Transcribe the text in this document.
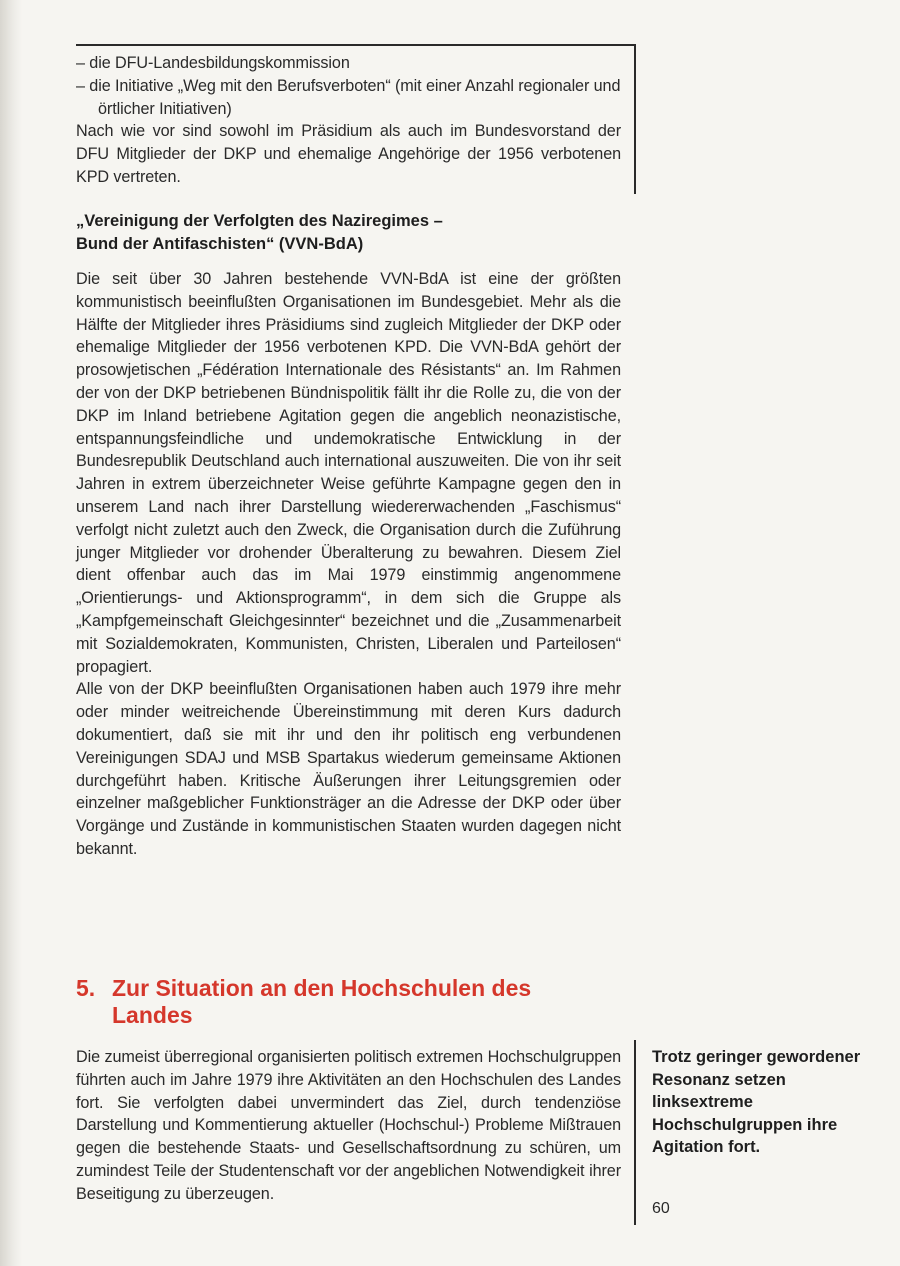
– die DFU-Landesbildungskommission

– die Initiative „Weg mit den Berufsverboten“ (mit einer Anzahl regionaler und örtlicher Initiativen)

Nach wie vor sind sowohl im Präsidium als auch im Bundesvorstand der DFU Mitglieder der DKP und ehemalige Angehörige der 1956 verbotenen KPD vertreten.

„Vereinigung der Verfolgten des Naziregimes –
Bund der Antifaschisten“ (VVN-BdA)

Die seit über 30 Jahren bestehende VVN-BdA ist eine der größten kommunistisch beeinflußten Organisationen im Bundesgebiet. Mehr als die Hälfte der Mitglieder ihres Präsidiums sind zugleich Mitglieder der DKP oder ehemalige Mitglieder der 1956 verbotenen KPD. Die VVN-BdA gehört der prosowjetischen „Fédération Internationale des Résistants“ an. Im Rahmen der von der DKP betriebenen Bündnispolitik fällt ihr die Rolle zu, die von der DKP im Inland betriebene Agitation gegen die angeblich neonazistische, entspannungsfeindliche und undemokratische Entwicklung in der Bundesrepublik Deutschland auch international auszuweiten. Die von ihr seit Jahren in extrem überzeichneter Weise geführte Kampagne gegen den in unserem Land nach ihrer Darstellung wiedererwachenden „Faschismus“ verfolgt nicht zuletzt auch den Zweck, die Organisation durch die Zuführung junger Mitglieder vor drohender Überalterung zu bewahren. Diesem Ziel dient offenbar auch das im Mai 1979 einstimmig angenommene „Orientierungs- und Aktionsprogramm“, in dem sich die Gruppe als „Kampfgemeinschaft Gleichgesinnter“ bezeichnet und die „Zusammenarbeit mit Sozialdemokraten, Kommunisten, Christen, Liberalen und Parteilosen“ propagiert.

Alle von der DKP beeinflußten Organisationen haben auch 1979 ihre mehr oder minder weitreichende Übereinstimmung mit deren Kurs dadurch dokumentiert, daß sie mit ihr und den ihr politisch eng verbundenen Vereinigungen SDAJ und MSB Spartakus wiederum gemeinsame Aktionen durchgeführt haben. Kritische Äußerungen ihrer Leitungsgremien oder einzelner maßgeblicher Funktionsträger an die Adresse der DKP oder über Vorgänge und Zustände in kommunistischen Staaten wurden dagegen nicht bekannt.

5. Zur Situation an den Hochschulen des
Landes

Die zumeist überregional organisierten politisch extremen Hochschulgruppen führten auch im Jahre 1979 ihre Aktivitäten an den Hochschulen des Landes fort. Sie verfolgten dabei unvermindert das Ziel, durch tendenziöse Darstellung und Kommentierung aktueller (Hochschul-) Probleme Mißtrauen gegen die bestehende Staats- und Gesellschaftsordnung zu schüren, um zumindest Teile der Studentenschaft vor der angeblichen Notwendigkeit ihrer Beseitigung zu überzeugen.

Trotz geringer gewordener Resonanz setzen linksextreme Hochschulgruppen ihre Agitation fort.
60
